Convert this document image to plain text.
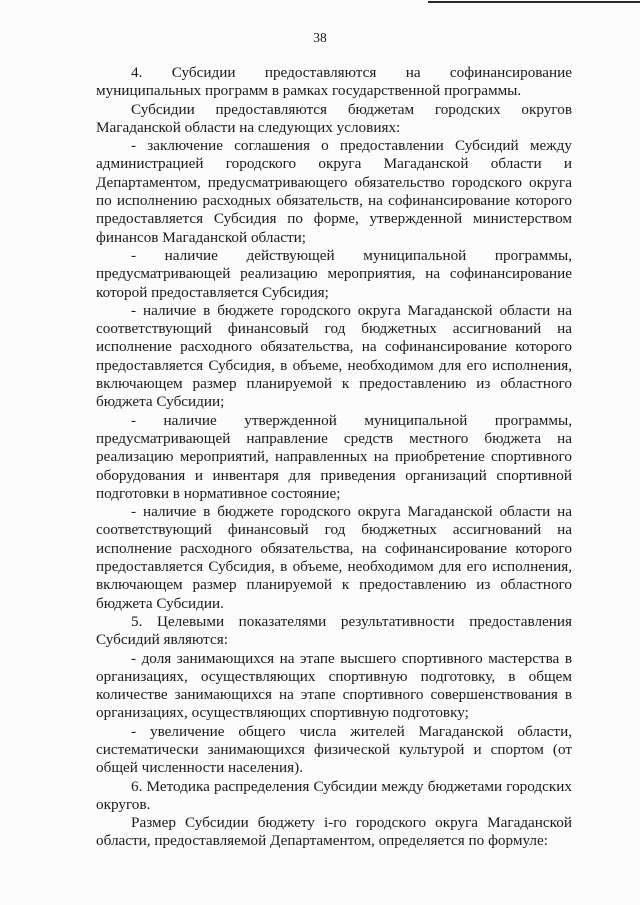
38

4. Субсидии предоставляются на софинансирование муниципальных программ в рамках государственной программы.

Субсидии предоставляются бюджетам городских округов Магаданской области на следующих условиях:

- заключение соглашения о предоставлении Субсидий между администрацией городского округа Магаданской области и Департаментом, предусматривающего обязательство городского округа по исполнению расходных обязательств, на софинансирование которого предоставляется Субсидия по форме, утвержденной министерством финансов Магаданской области;

- наличие действующей муниципальной программы, предусматривающей реализацию мероприятия, на софинансирование которой предоставляется Субсидия;

- наличие в бюджете городского округа Магаданской области на соответствующий финансовый год бюджетных ассигнований на исполнение расходного обязательства, на софинансирование которого предоставляется Субсидия, в объеме, необходимом для его исполнения, включающем размер планируемой к предоставлению из областного бюджета Субсидии;

- наличие утвержденной муниципальной программы, предусматривающей направление средств местного бюджета на реализацию мероприятий, направленных на приобретение спортивного оборудования и инвентаря для приведения организаций спортивной подготовки в нормативное состояние;

- наличие в бюджете городского округа Магаданской области на соответствующий финансовый год бюджетных ассигнований на исполнение расходного обязательства, на софинансирование которого предоставляется Субсидия, в объеме, необходимом для его исполнения, включающем размер планируемой к предоставлению из областного бюджета Субсидии.

5. Целевыми показателями результативности предоставления Субсидий являются:

- доля занимающихся на этапе высшего спортивного мастерства в организациях, осуществляющих спортивную подготовку, в общем количестве занимающихся на этапе спортивного совершенствования в организациях, осуществляющих спортивную подготовку;

- увеличение общего числа жителей Магаданской области, систематически занимающихся физической культурой и спортом (от общей численности населения).

6. Методика распределения Субсидии между бюджетами городских округов.

Размер Субсидии бюджету i-го городского округа Магаданской области, предоставляемой Департаментом, определяется по формуле:
